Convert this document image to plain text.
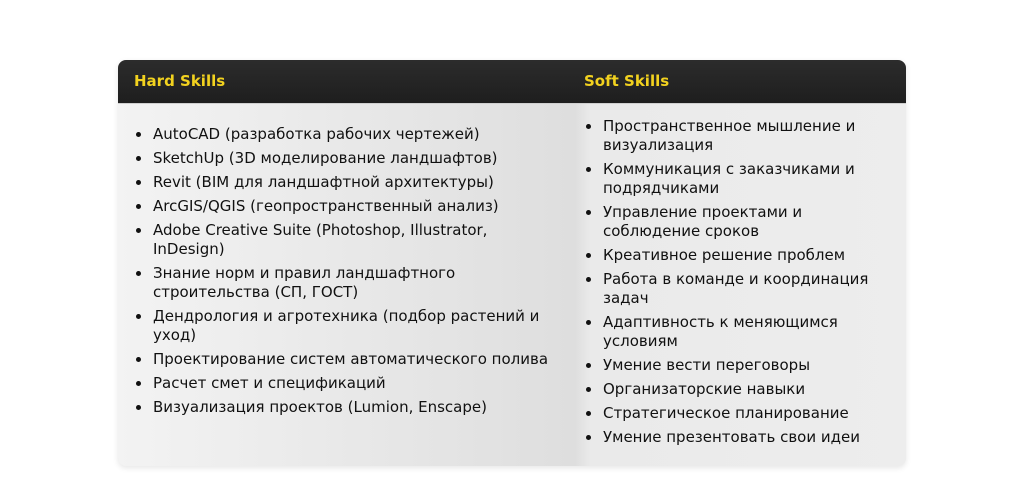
Hard Skills	Soft Skills
AutoCAD (разработка рабочих чертежей)
SketchUp (3D моделирование ландшафтов)
Revit (BIM для ландшафтной архитектуры)
ArcGIS/QGIS (геопространственный анализ)
Adobe Creative Suite (Photoshop, Illustrator, InDesign)
Знание норм и правил ландшафтного строительства (СП, ГОСТ)
Дендрология и агротехника (подбор растений и уход)
Проектирование систем автоматического полива
Расчет смет и спецификаций
Визуализация проектов (Lumion, Enscape)
Пространственное мышление и визуализация
Коммуникация с заказчиками и подрядчиками
Управление проектами и соблюдение сроков
Креативное решение проблем
Работа в команде и координация задач
Адаптивность к меняющимся условиям
Умение вести переговоры
Организаторские навыки
Стратегическое планирование
Умение презентовать свои идеи
